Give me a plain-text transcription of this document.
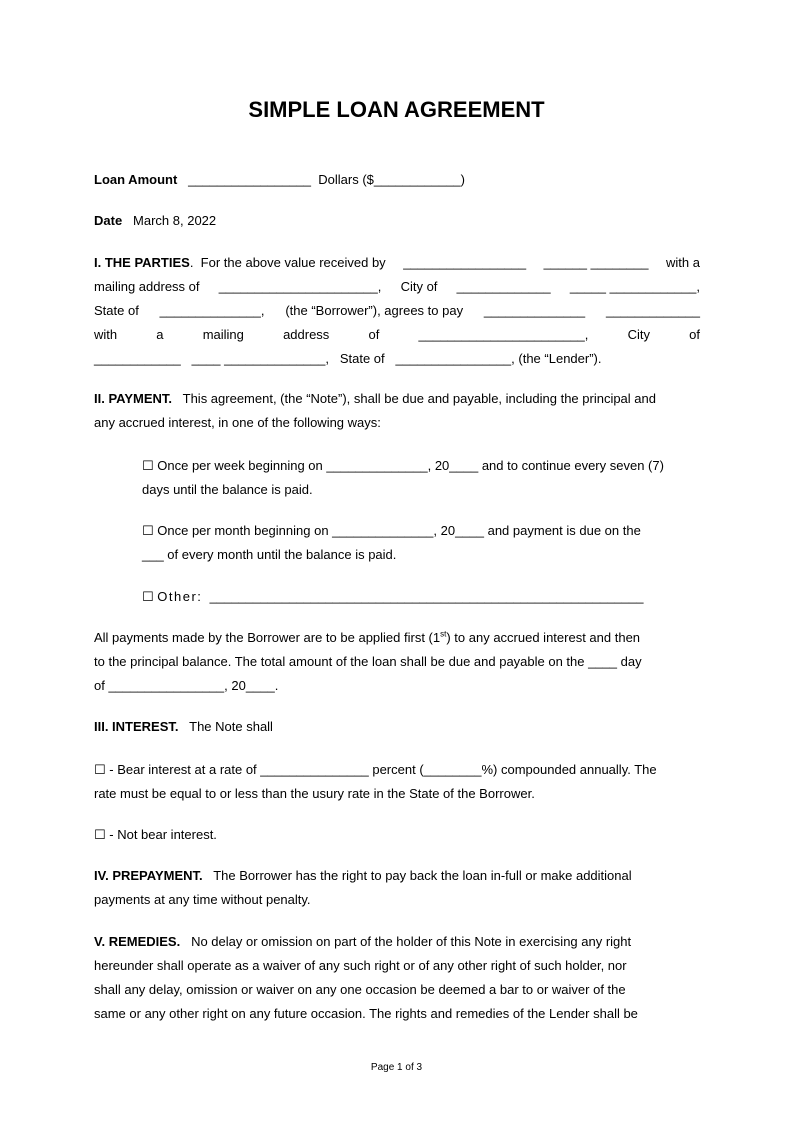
SIMPLE LOAN AGREEMENT
Loan Amount _________________ Dollars ($____________)
Date March 8, 2022
I. THE PARTIES.  For the above value received by _________________ ______ ________ with a
mailing address of ______________________, City of _____________ _____ ____________,
State of ______________, (the “Borrower”), agrees to pay ______________ _____________
with	a	mailing	address	of	_______________________,	City	of
____________ ____ ______________, State of ________________, (the “Lender”).
II. PAYMENT. This agreement, (the “Note”), shall be due and payable, including the principal and
any accrued interest, in one of the following ways:
☐ Once per week beginning on ______________, 20____ and to continue every seven (7)
days until the balance is paid.
☐ Once per month beginning on ______________, 20____ and payment is due on the
___ of every month until the balance is paid.
☐ Other: ____________________________________________________________
All payments made by the Borrower are to be applied first (1st) to any accrued interest and then
to the principal balance. The total amount of the loan shall be due and payable on the ____ day
of ________________, 20____.
III. INTEREST. The Note shall
☐ - Bear interest at a rate of _______________ percent (________%) compounded annually. The
rate must be equal to or less than the usury rate in the State of the Borrower.
☐ - Not bear interest.
IV. PREPAYMENT. The Borrower has the right to pay back the loan in-full or make additional
payments at any time without penalty.
V. REMEDIES. No delay or omission on part of the holder of this Note in exercising any right
hereunder shall operate as a waiver of any such right or of any other right of such holder, nor
shall any delay, omission or waiver on any one occasion be deemed a bar to or waiver of the
same or any other right on any future occasion. The rights and remedies of the Lender shall be
Page 1 of 3
